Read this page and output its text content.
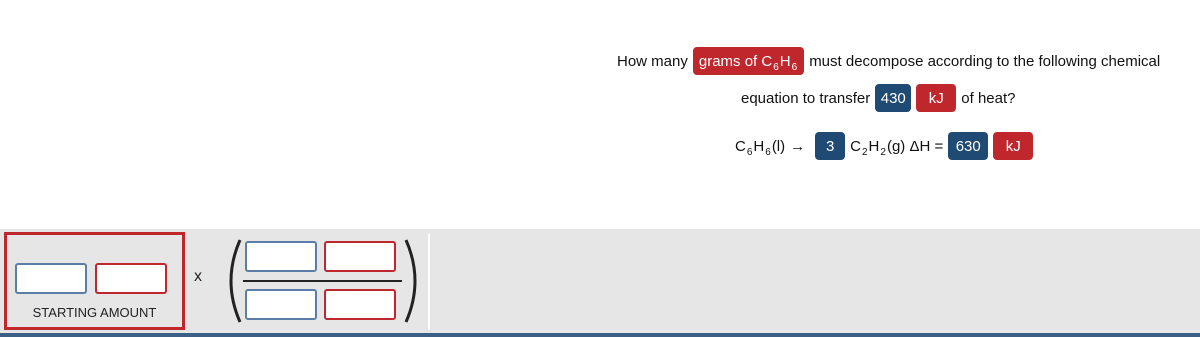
How many grams of C 6 H 6 must decompose according to the following chemical
equation to transfer 430	kJ	of heat?
C 6 H 6 (l) →	3	C 2 H 2 (g) ΔH = 630	kJ
STARTING AMOUNT
x
